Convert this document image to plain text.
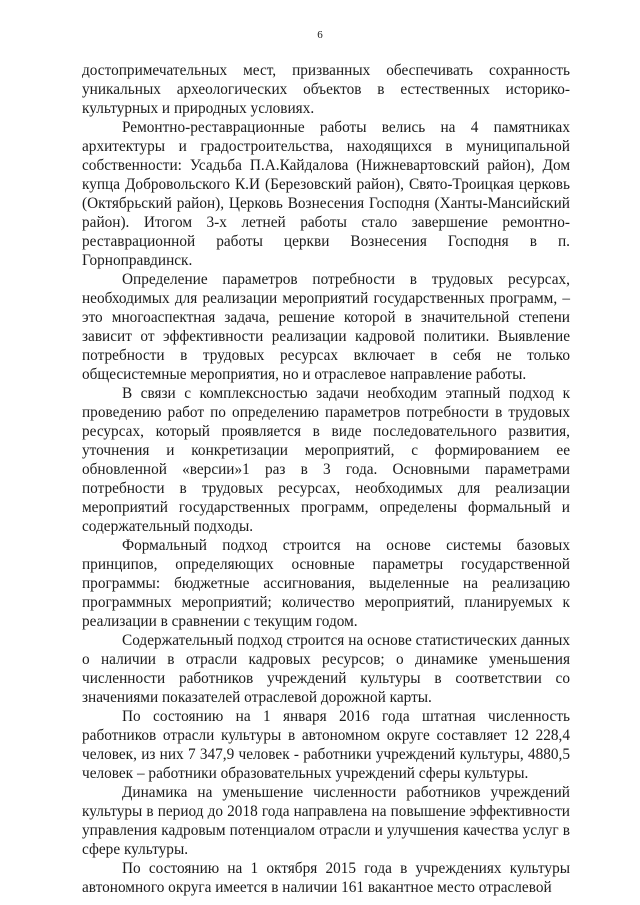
6

достопримечательных мест, призванных обеспечивать сохранность уникальных археологических объектов в естественных историко-культурных и природных условиях.

Ремонтно-реставрационные работы велись на 4 памятниках архитектуры и градостроительства, находящихся в муниципальной собственности: Усадьба П.А.Кайдалова (Нижневартовский район), Дом купца Добровольского К.И (Березовский район), Свято-Троицкая церковь (Октябрьский район), Церковь Вознесения Господня (Ханты-Мансийский район). Итогом 3-х летней работы стало завершение ремонтно-реставрационной работы церкви Вознесения Господня в п. Горноправдинск.

Определение параметров потребности в трудовых ресурсах, необходимых для реализации мероприятий государственных программ, – это многоаспектная задача, решение которой в значительной степени зависит от эффективности реализации кадровой политики. Выявление потребности в трудовых ресурсах включает в себя не только общесистемные мероприятия, но и отраслевое направление работы.

В связи с комплексностью задачи необходим этапный подход к проведению работ по определению параметров потребности в трудовых ресурсах, который проявляется в виде последовательного развития, уточнения и конкретизации мероприятий, с формированием ее обновленной «версии»1 раз в 3 года. Основными параметрами потребности в трудовых ресурсах, необходимых для реализации мероприятий государственных программ, определены формальный и содержательный подходы.

Формальный подход строится на основе системы базовых принципов, определяющих основные параметры государственной программы: бюджетные ассигнования, выделенные на реализацию программных мероприятий; количество мероприятий, планируемых к реализации в сравнении с текущим годом.

Содержательный подход строится на основе статистических данных о наличии в отрасли кадровых ресурсов; о динамике уменьшения численности работников учреждений культуры в соответствии со значениями показателей отраслевой дорожной карты.

По состоянию на 1 января 2016 года штатная численность работников отрасли культуры в автономном округе составляет 12 228,4 человек, из них 7 347,9 человек - работники учреждений культуры, 4880,5 человек – работники образовательных учреждений сферы культуры.

Динамика на уменьшение численности работников учреждений культуры в период до 2018 года направлена на повышение эффективности управления кадровым потенциалом отрасли и улучшения качества услуг в сфере культуры.

По состоянию на 1 октября 2015 года в учреждениях культуры автономного округа имеется в наличии 161 вакантное место отраслевой
